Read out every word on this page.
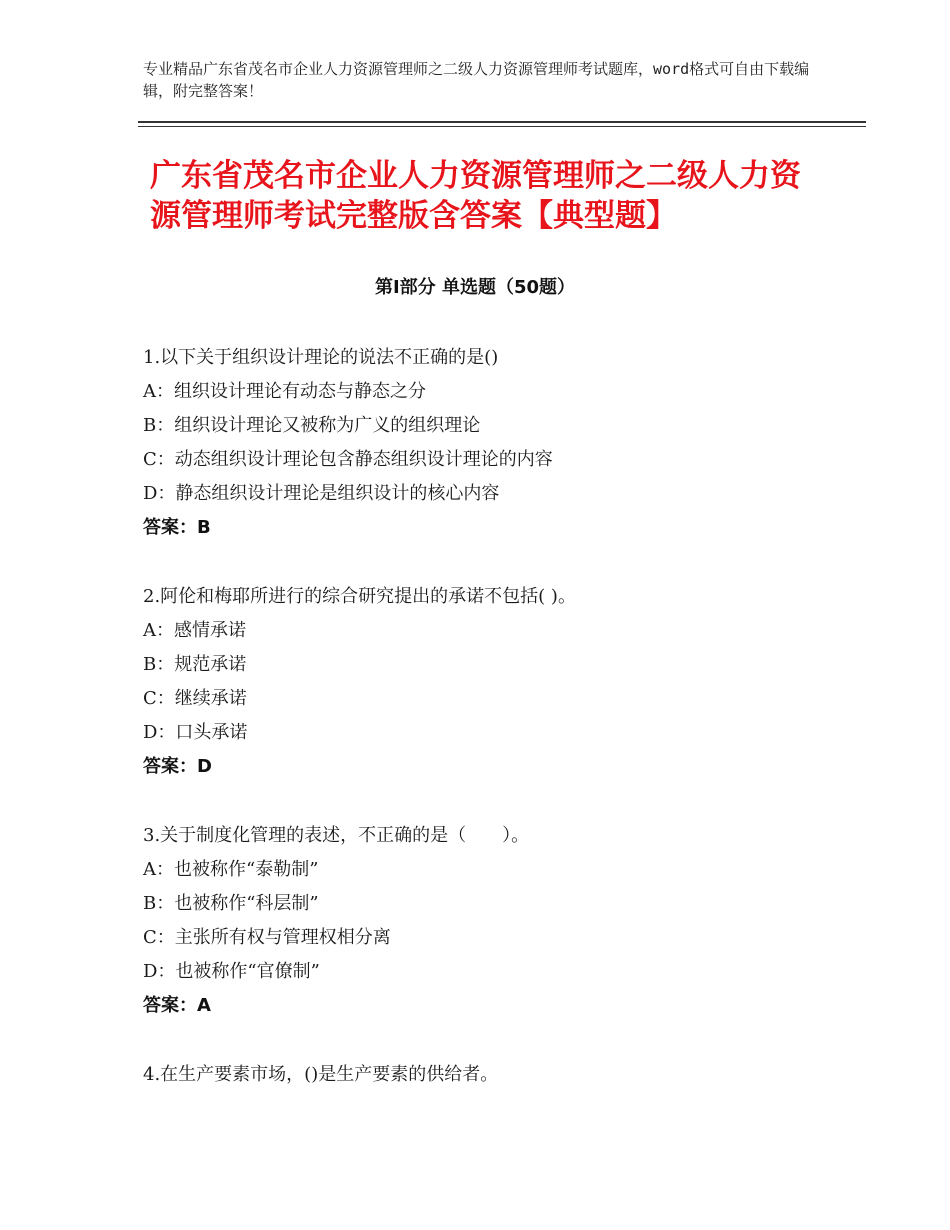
专业精品广东省茂名市企业人力资源管理师之二级人力资源管理师考试题库，word格式可自由下载编辑，附完整答案！
广东省茂名市企业人力资源管理师之二级人力资源管理师考试完整版含答案【典型题】
第Ⅰ部分 单选题（50题）
1.以下关于组织设计理论的说法不正确的是()
A：组织设计理论有动态与静态之分
B：组织设计理论又被称为广义的组织理论
C：动态组织设计理论包含静态组织设计理论的内容
D：静态组织设计理论是组织设计的核心内容
答案：B
2.阿伦和梅耶所进行的综合研究提出的承诺不包括( )。
A：感情承诺
B：规范承诺
C：继续承诺
D：口头承诺
答案：D
3.关于制度化管理的表述，不正确的是（　　）。
A：也被称作“泰勒制”
B：也被称作“科层制”
C：主张所有权与管理权相分离
D：也被称作“官僚制”
答案：A
4.在生产要素市场，()是生产要素的供给者。
